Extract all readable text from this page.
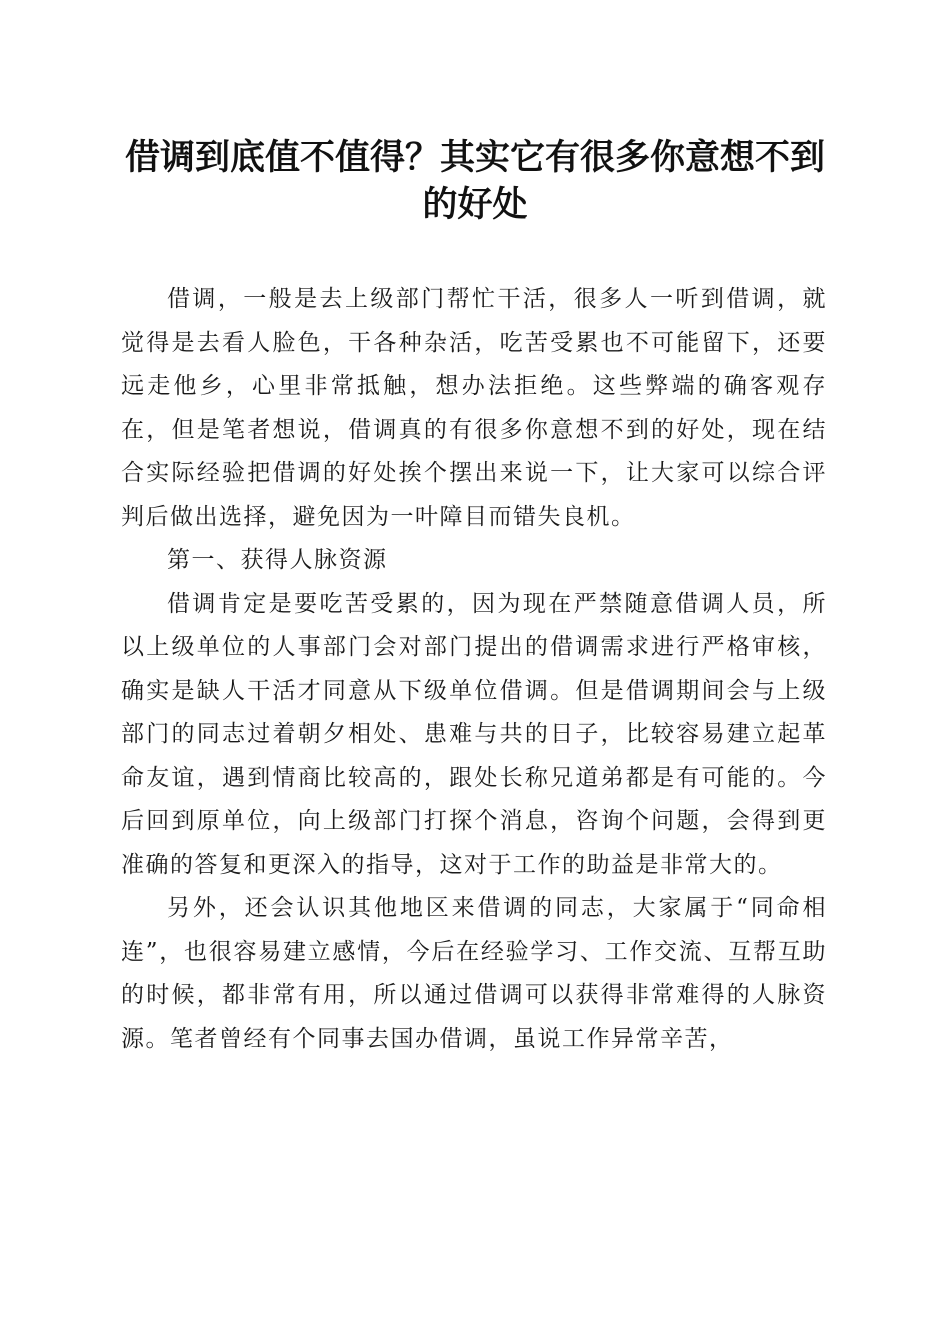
借调到底值不值得？其实它有很多你意想不到的好处

借调，一般是去上级部门帮忙干活，很多人一听到借调，就觉得是去看人脸色，干各种杂活，吃苦受累也不可能留下，还要远走他乡，心里非常抵触，想办法拒绝。这些弊端的确客观存在，但是笔者想说，借调真的有很多你意想不到的好处，现在结合实际经验把借调的好处挨个摆出来说一下，让大家可以综合评判后做出选择，避免因为一叶障目而错失良机。

第一、获得人脉资源

借调肯定是要吃苦受累的，因为现在严禁随意借调人员，所以上级单位的人事部门会对部门提出的借调需求进行严格审核，确实是缺人干活才同意从下级单位借调。但是借调期间会与上级部门的同志过着朝夕相处、患难与共的日子，比较容易建立起革命友谊，遇到情商比较高的，跟处长称兄道弟都是有可能的。今后回到原单位，向上级部门打探个消息，咨询个问题，会得到更准确的答复和更深入的指导，这对于工作的助益是非常大的。

另外，还会认识其他地区来借调的同志，大家属于“同命相连”，也很容易建立感情，今后在经验学习、工作交流、互帮互助的时候，都非常有用，所以通过借调可以获得非常难得的人脉资源。笔者曾经有个同事去国办借调，虽说工作异常辛苦，
